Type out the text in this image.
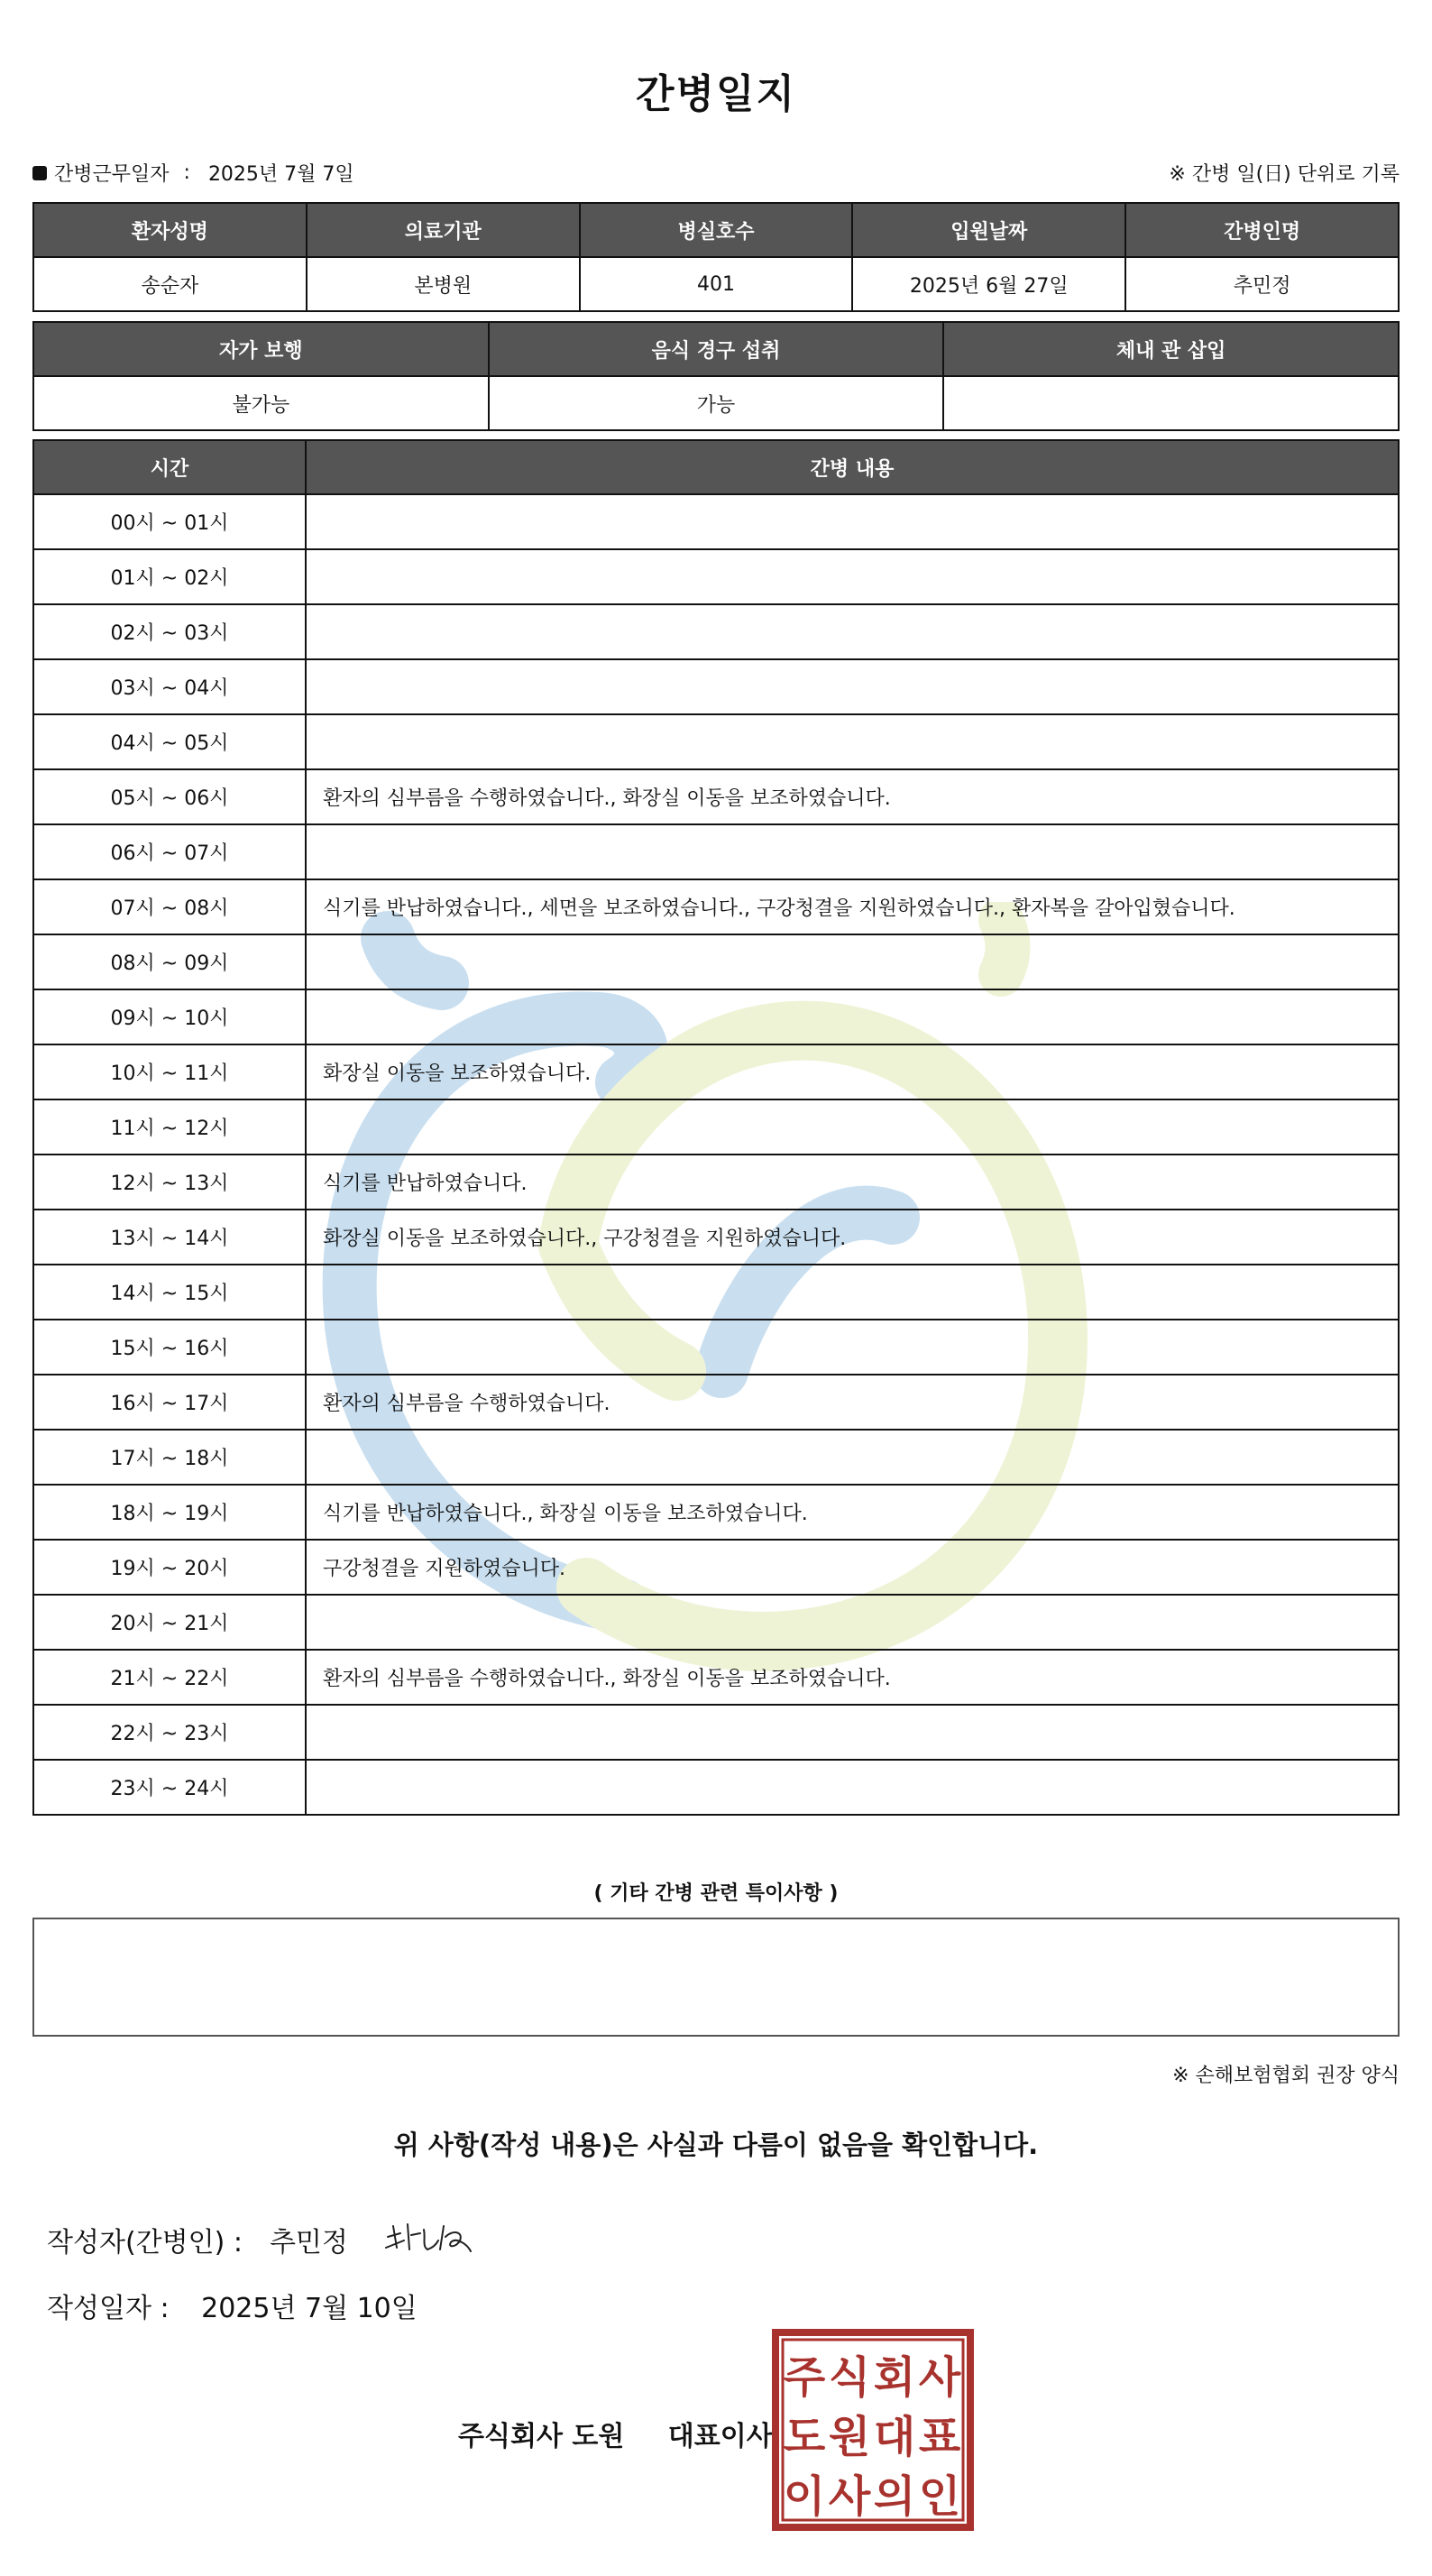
간병일지
간병근무일자 : 2025년 7월 7일	※ 간병 일(日) 단위로 기록
환자성명	의료기관	병실호수	입원날짜	간병인명
송순자	본병원	401	2025년 6월 27일	추민정
자가 보행	음식 경구 섭취	체내 관 삽입
불가능	가능	
시간	간병 내용
00시 ~ 01시	
01시 ~ 02시	
02시 ~ 03시	
03시 ~ 04시	
04시 ~ 05시	
05시 ~ 06시	환자의 심부름을 수행하였습니다., 화장실 이동을 보조하였습니다.
06시 ~ 07시	
07시 ~ 08시	식기를 반납하였습니다., 세면을 보조하였습니다., 구강청결을 지원하였습니다., 환자복을 갈아입혔습니다.
08시 ~ 09시	
09시 ~ 10시	
10시 ~ 11시	화장실 이동을 보조하였습니다.
11시 ~ 12시	
12시 ~ 13시	식기를 반납하였습니다.
13시 ~ 14시	화장실 이동을 보조하였습니다., 구강청결을 지원하였습니다.
14시 ~ 15시	
15시 ~ 16시	
16시 ~ 17시	환자의 심부름을 수행하였습니다.
17시 ~ 18시	
18시 ~ 19시	식기를 반납하였습니다., 화장실 이동을 보조하였습니다.
19시 ~ 20시	구강청결을 지원하였습니다.
20시 ~ 21시	
21시 ~ 22시	환자의 심부름을 수행하였습니다., 화장실 이동을 보조하였습니다.
22시 ~ 23시	
23시 ~ 24시	
( 기타 간병 관련 특이사항 )
※ 손해보험협회 권장 양식
위 사항(작성 내용)은 사실과 다름이 없음을 확인합니다.
작성자(간병인) : 추민정
작성일자 : 2025년 7월 10일
주식회사 도원 대표이사
주 식 회 사
도 원 대 표
이 사 의 인
